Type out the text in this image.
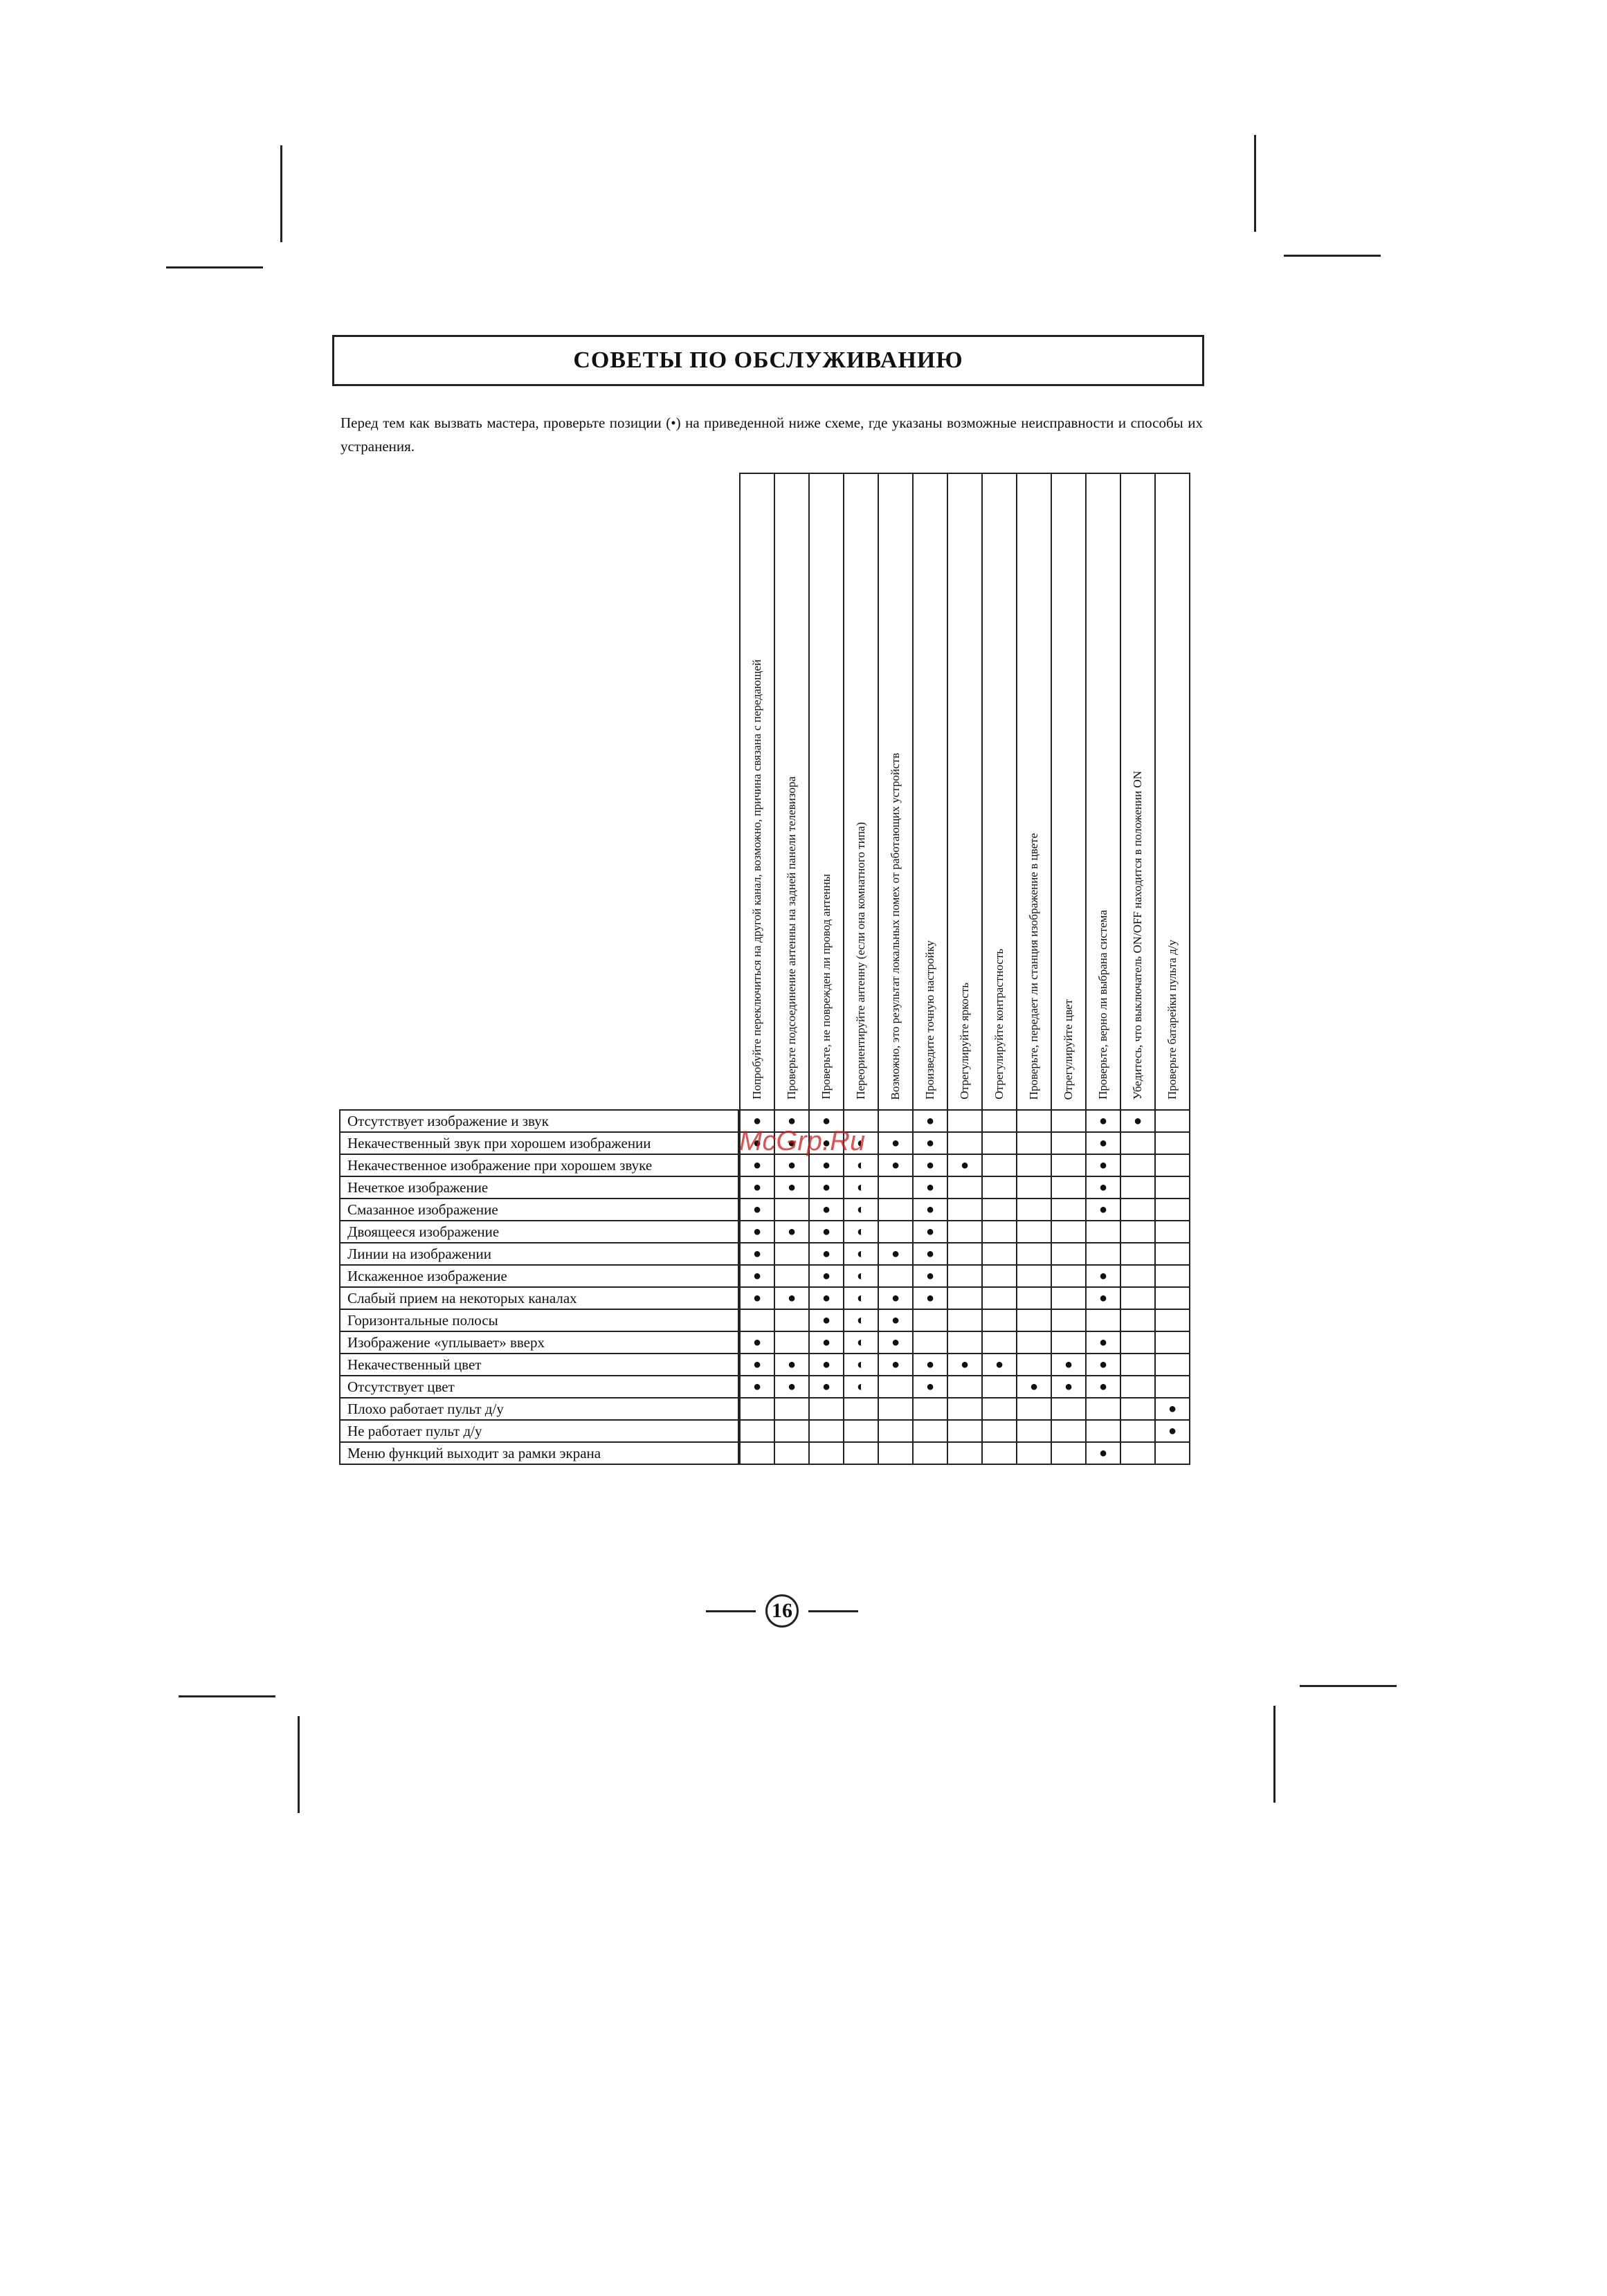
СОВЕТЫ ПО ОБСЛУЖИВАНИЮ
Перед тем как вызвать мастера, проверьте позиции (•) на приведенной ниже схеме, где указаны возможные неисправности и способы их устранения.
Попробуйте переключиться на другой канал, возможно, причина связана с передающей Проверьте подсоединение антенны на задней панели телевизора Проверьте, не поврежден ли провод антенны Переориентируйте антенну (если она комнатного типа) Возможно, это результат локальных помех от работающих устройств Произведите точную настройку Отрегулируйте яркость Отрегулируйте контрастность Проверьте, передает ли станция изображение в цвете Отрегулируйте цвет Проверьте, верно ли выбрана система Убедитесь, что выключатель ON/OFF находится в положении ON Проверьте батарейки пульта д/у
Отсутствует изображение и звук
●
●
●
●
●
●
Некачественный звук при хорошем изображении
●
●
●
◐
●
●
●
Некачественное изображение при хорошем звуке
●
●
●
◐
●
●
●
●
Нечеткое изображение
●
●
●
◐
●
●
Смазанное изображение
●
●
◐
●
●
Двоящееся изображение
●
●
●
◐
●
Линии на изображении
●
●
◐
●
●
Искаженное изображение
●
●
◐
●
●
Слабый прием на некоторых каналах
●
●
●
◐
●
●
●
Горизонтальные полосы
●
◐
●
Изображение «уплывает» вверх
●
●
◐
●
●
Некачественный цвет
●
●
●
◐
●
●
●
●
●
●
Отсутствует цвет
●
●
●
◐
●
●
●
●
Плохо работает пульт д/у
●
Не работает пульт д/у
●
Меню функций выходит за рамки экрана
●
McGrp.Ru
16
